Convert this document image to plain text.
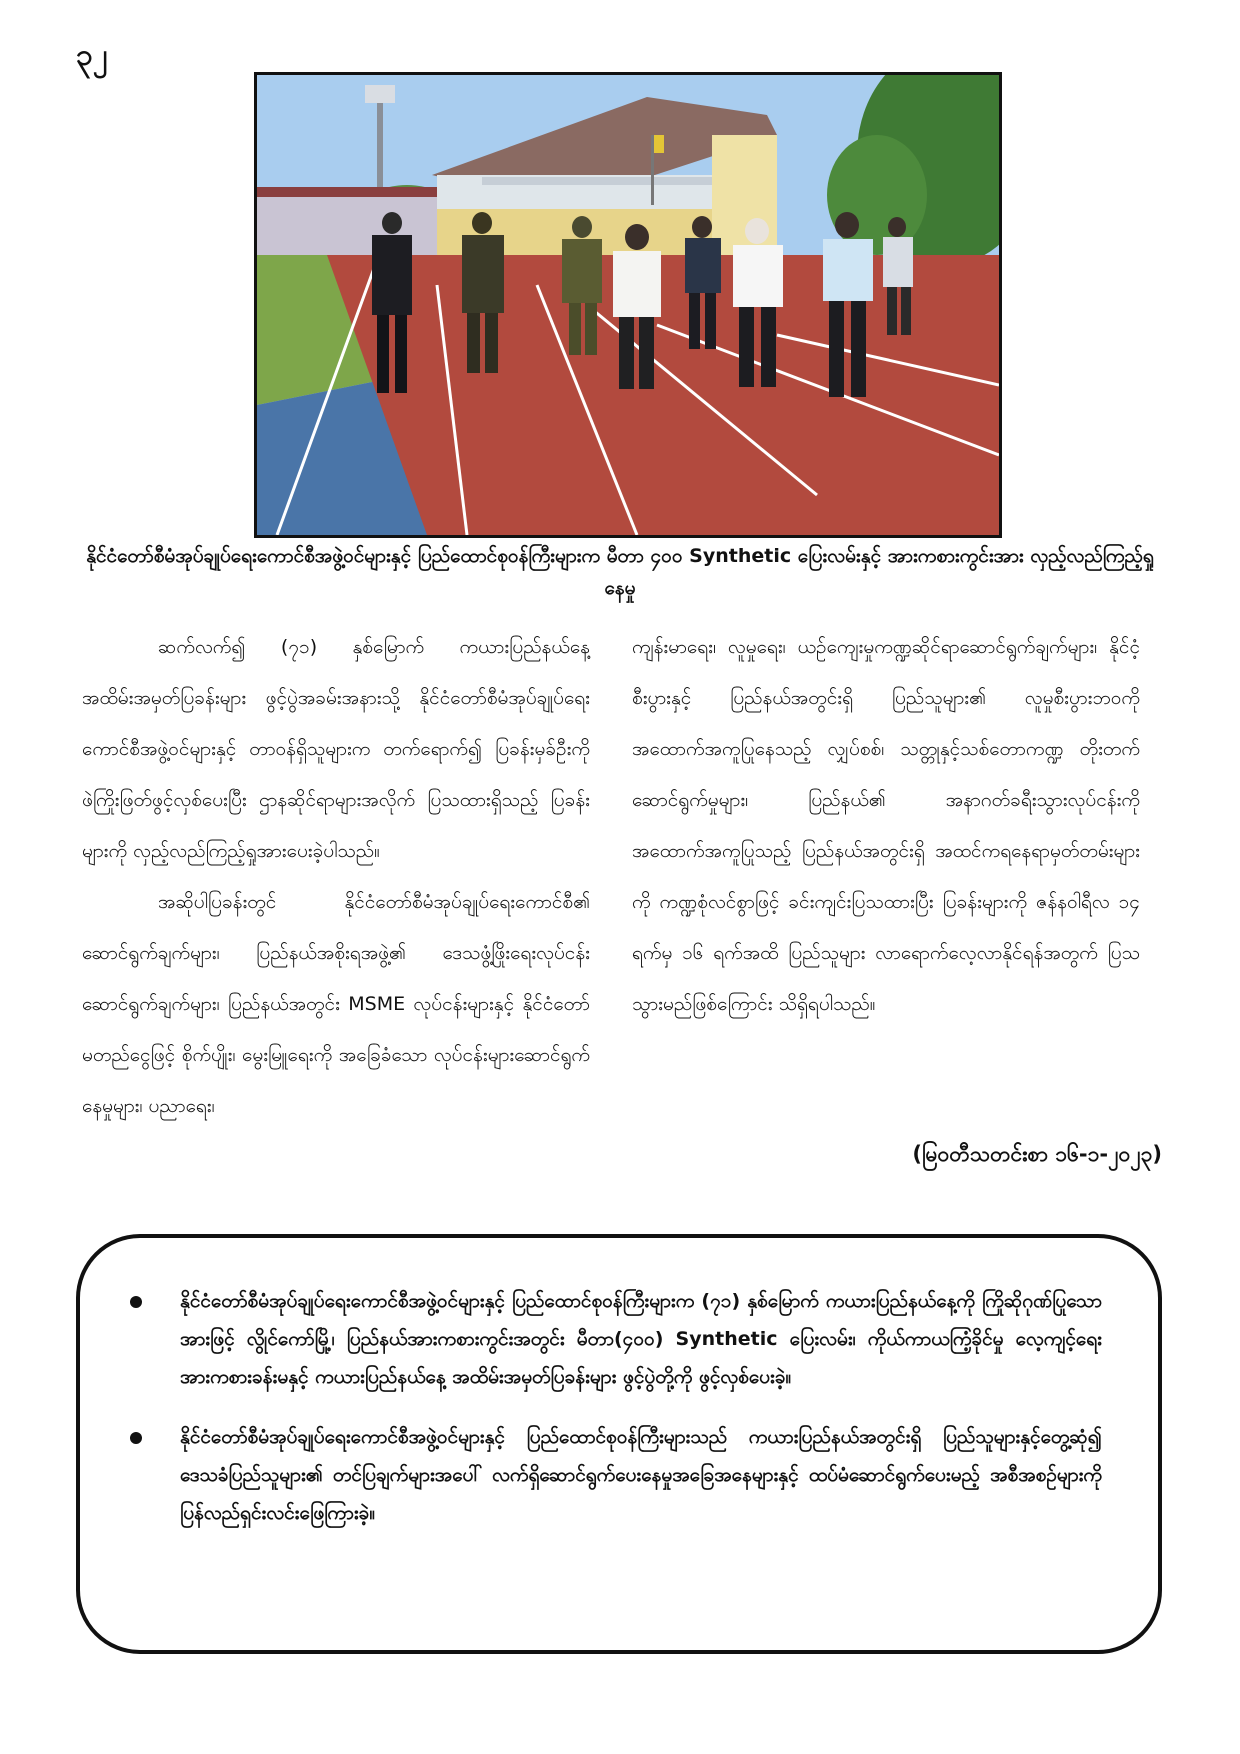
၃၂
နိုင်ငံတော်စီမံအုပ်ချုပ်ရေးကောင်စီအဖွဲ့ဝင်များနှင့် ပြည်ထောင်စုဝန်ကြီးများက မီတာ ၄၀၀ Synthetic ပြေးလမ်းနှင့် အားကစားကွင်းအား လှည့်လည်ကြည့်ရှုနေမှု

ဆက်လက်၍ (၇၁) နှစ်မြောက် ကယားပြည်နယ်နေ့ အထိမ်းအမှတ်ပြခန်းများ ဖွင့်ပွဲအခမ်းအနားသို့ နိုင်ငံတော်စီမံအုပ်ချုပ်ရေးကောင်စီအဖွဲ့ဝင်များနှင့် တာဝန်ရှိသူများက တက်ရောက်၍ ပြခန်းမှခ်ဦးကို ဖဲကြိုးဖြတ်ဖွင့်လှစ်ပေးပြီး ဌာနဆိုင်ရာများအလိုက် ပြသထားရှိသည့် ပြခန်းများကို လှည့်လည်ကြည့်ရှုအားပေးခဲ့ပါသည်။

အဆိုပါပြခန်းတွင် နိုင်ငံတော်စီမံအုပ်ချုပ်ရေးကောင်စီ၏ ဆောင်ရွက်ချက်များ၊ ပြည်နယ်အစိုးရအဖွဲ့၏ ဒေသဖွံ့ဖြိုးရေးလုပ်ငန်းဆောင်ရွက်ချက်များ၊ ပြည်နယ်အတွင်း MSME လုပ်ငန်းများနှင့် နိုင်ငံတော်မတည်ငွေဖြင့် စိုက်ပျိုး၊ မွေးမြူရေးကို အခြေခံသော လုပ်ငန်းများဆောင်ရွက်နေမှုများ၊ ပညာရေး၊

ကျန်းမာရေး၊ လူမှုရေး၊ ယဉ်ကျေးမှုကဏ္ဍဆိုင်ရာဆောင်ရွက်ချက်များ၊ နိုင်ငံ့စီးပွားနှင့် ပြည်နယ်အတွင်းရှိ ပြည်သူများ၏ လူမှုစီးပွားဘဝကို အထောက်အကူပြုနေသည့် လျှပ်စစ်၊ သတ္တုနှင့်သစ်တောကဏ္ဍ တိုးတက်ဆောင်ရွက်မှုများ၊ ပြည်နယ်၏ အနာဂတ်ခရီးသွားလုပ်ငန်းကို အထောက်အကူပြုသည့် ပြည်နယ်အတွင်းရှိ အထင်ကရနေရာမှတ်တမ်းများကို ကဏ္ဍစုံလင်စွာဖြင့် ခင်းကျင်းပြသထားပြီး ပြခန်းများကို ဇန်နဝါရီလ ၁၄ ရက်မှ ၁၆ ရက်အထိ ပြည်သူများ လာရောက်လေ့လာနိုင်ရန်အတွက် ပြသသွားမည်ဖြစ်ကြောင်း သိရှိရပါသည်။

(မြဝတီသတင်းစာ ၁၆-၁-၂၀၂၃)
နိုင်ငံတော်စီမံအုပ်ချုပ်ရေးကောင်စီအဖွဲ့ဝင်များနှင့် ပြည်ထောင်စုဝန်ကြီးများက (၇၁) နှစ်မြောက် ကယားပြည်နယ်နေ့ကို ကြိုဆိုဂုဏ်ပြုသောအားဖြင့် လွိုင်ကော်မြို့၊ ပြည်နယ်အားကစားကွင်းအတွင်း မီတာ(၄၀၀) Synthetic ပြေးလမ်း၊ ကိုယ်ကာယကြံ့ခိုင်မှု လေ့ကျင့်ရေးအားကစားခန်းမနှင့် ကယားပြည်နယ်နေ့ အထိမ်းအမှတ်ပြခန်းများ ဖွင့်ပွဲတို့ကို ဖွင့်လှစ်ပေးခဲ့။
နိုင်ငံတော်စီမံအုပ်ချုပ်ရေးကောင်စီအဖွဲ့ဝင်များနှင့် ပြည်ထောင်စုဝန်ကြီးများသည် ကယားပြည်နယ်အတွင်းရှိ ပြည်သူများနှင့်တွေ့ဆုံ၍ ဒေသခံပြည်သူများ၏ တင်ပြချက်များအပေါ် လက်ရှိဆောင်ရွက်ပေးနေမှုအခြေအနေများနှင့် ထပ်မံဆောင်ရွက်ပေးမည့် အစီအစဉ်များကို ပြန်လည်ရှင်းလင်းဖြေကြားခဲ့။
